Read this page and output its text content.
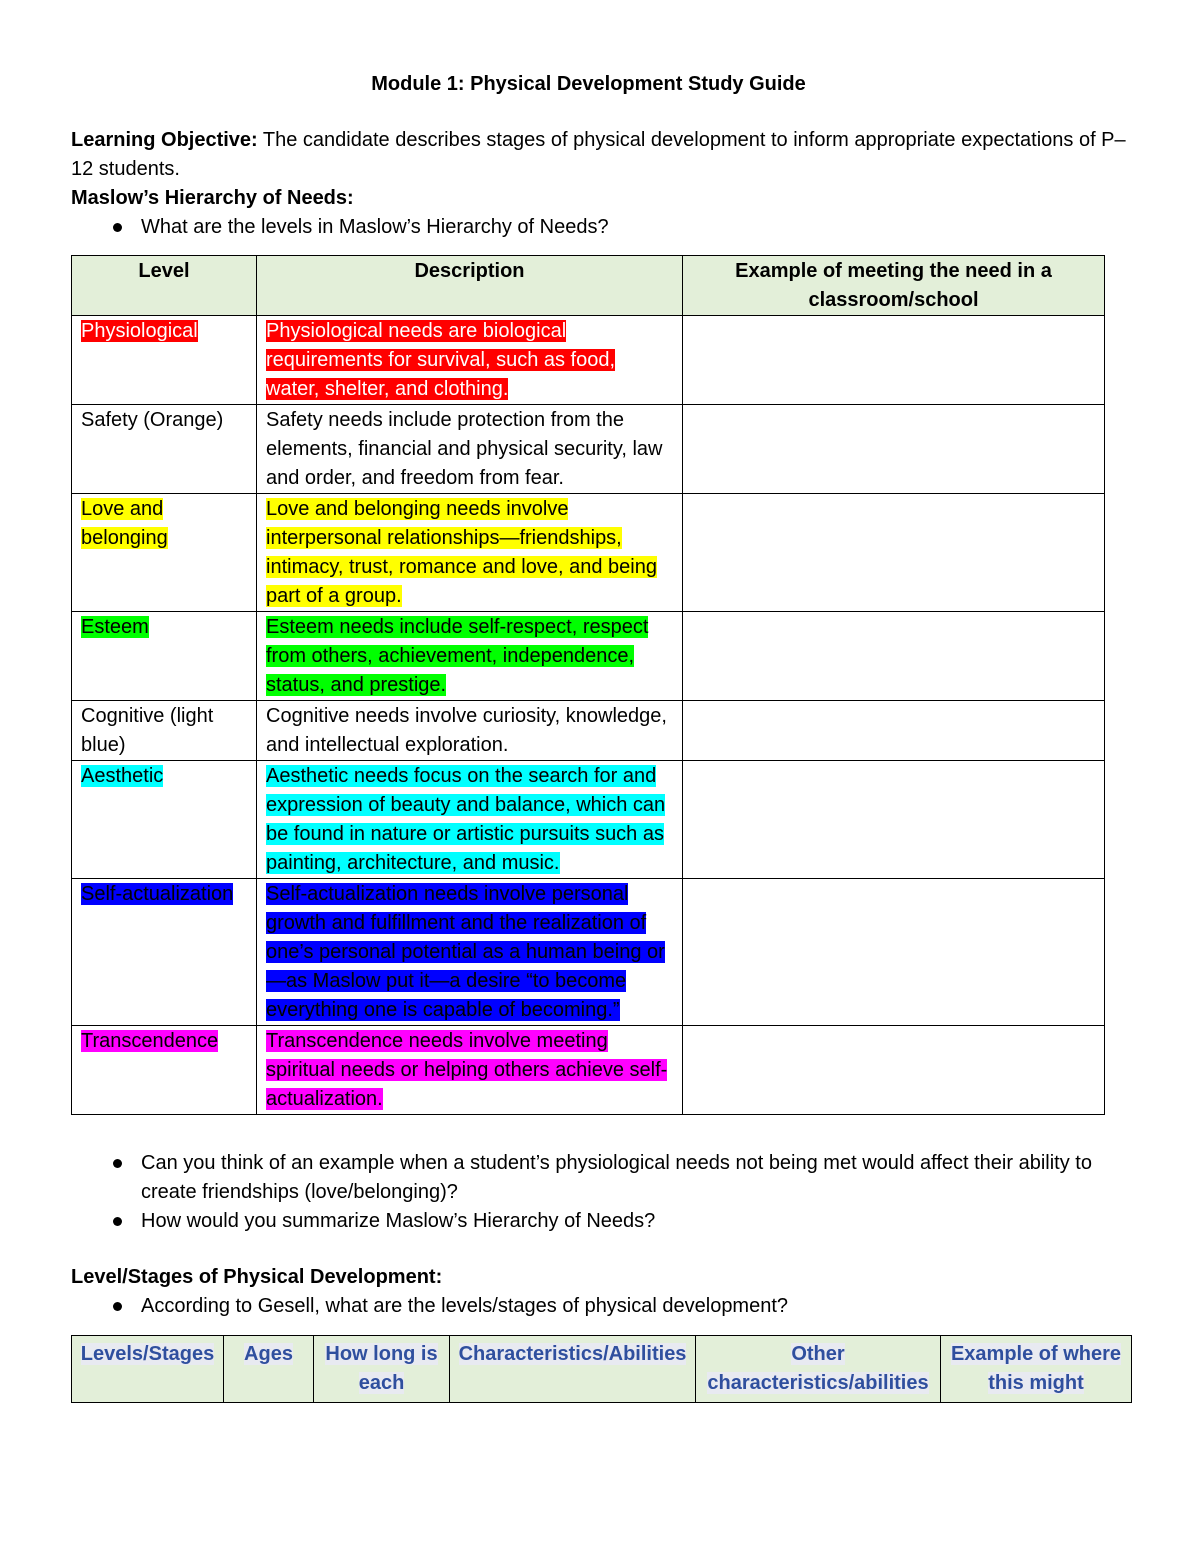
Module 1: Physical Development Study Guide

Learning Objective: The candidate describes stages of physical development to inform appropriate expectations of P–12 students.

Maslow’s Hierarchy of Needs:

What are the levels in Maslow’s Hierarchy of Needs?
Level	Description	Example of meeting the need in a classroom/school
Physiological	Physiological needs are biological requirements for survival, such as food, water, shelter, and clothing.	
Safety (Orange)	Safety needs include protection from the elements, financial and physical security, law and order, and freedom from fear.	
Love and belonging	Love and belonging needs involve interpersonal relationships—friendships, intimacy, trust, romance and love, and being part of a group.	
Esteem	Esteem needs include self-respect, respect from others, achievement, independence, status, and prestige.	
Cognitive (light blue)	Cognitive needs involve curiosity, knowledge, and intellectual exploration.	
Aesthetic	Aesthetic needs focus on the search for and expression of beauty and balance, which can be found in nature or artistic pursuits such as painting, architecture, and music.	
Self-actualization	Self-actualization needs involve personal growth and fulfillment and the realization of one’s personal potential as a human being or—as Maslow put it—a desire “to become everything one is capable of becoming.”	
Transcendence	Transcendence needs involve meeting spiritual needs or helping others achieve self-actualization.	
Can you think of an example when a student’s physiological needs not being met would affect their ability to create friendships (love/belonging)?
How would you summarize Maslow’s Hierarchy of Needs?

Level/Stages of Physical Development:

According to Gesell, what are the levels/stages of physical development?
Levels/Stages	Ages	How long is each	Characteristics/Abilities	Other characteristics/abilities	Example of where this might
